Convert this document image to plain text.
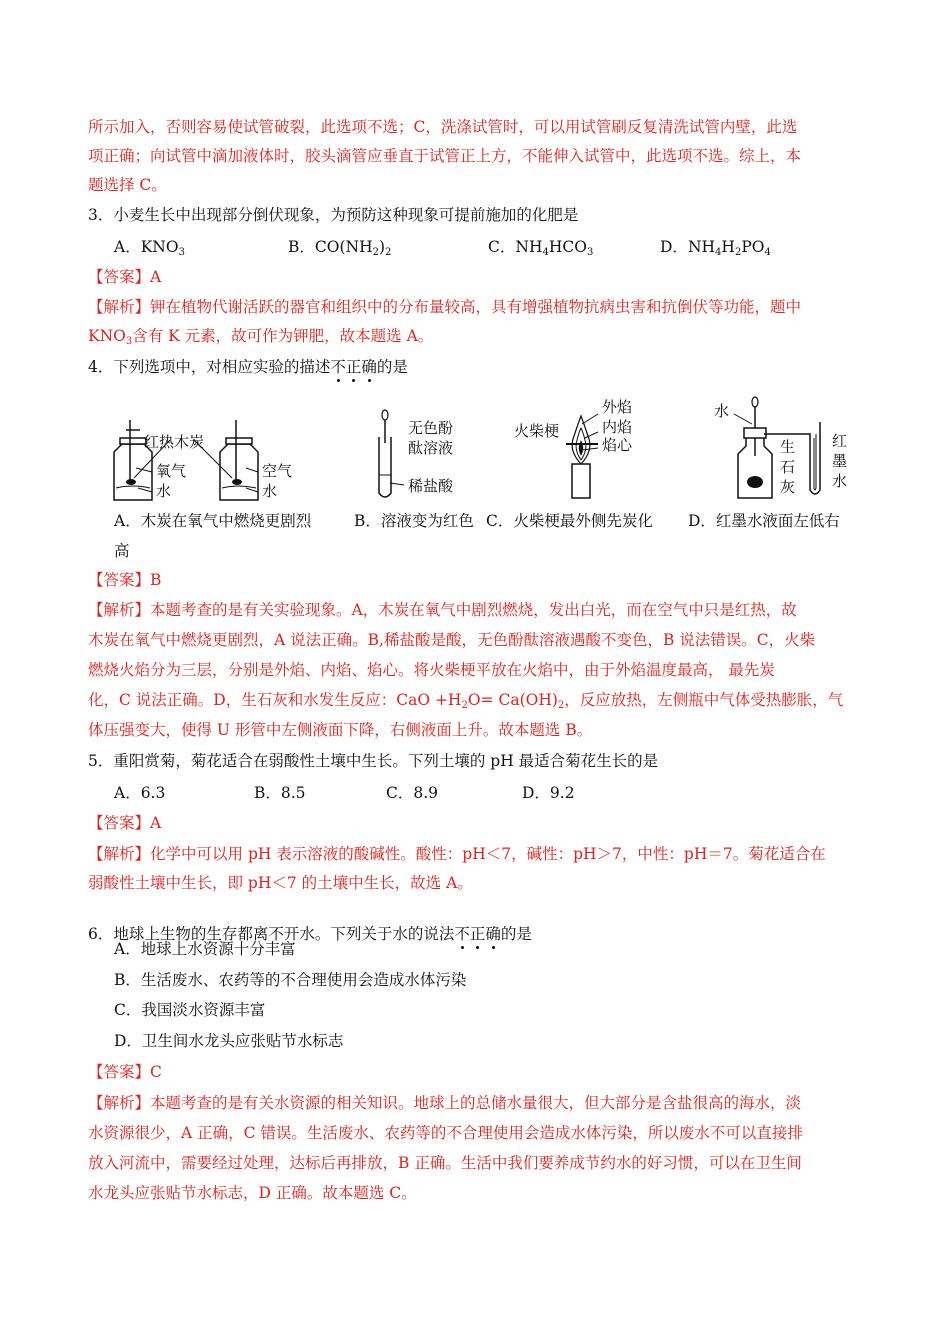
所示加入，否则容易使试管破裂，此选项不选；C，洗涤试管时，可以用试管刷反复清洗试管内壁，此选
项正确；向试管中滴加液体时，胶头滴管应垂直于试管正上方，不能伸入试管中，此选项不选。综上，本
题选择 C。
3．小麦生长中出现部分倒伏现象，为预防这种现象可提前施加的化肥是
A．$KNO_3$	B．$CO(NH_2)_2$	C．$NH_4HCO_3$	D．$NH_4H_2PO_4$
【答案】A
【解析】钾在植物代谢活跃的器官和组织中的分布量较高，具有增强植物抗病虫害和抗倒伏等功能，题中
$KNO_3$含有 K 元素，故可作为钾肥，故本题选 A。
4．下列选项中，对相应实验的描述不正确的是
红热木炭
氧气
水
空气
水
无色酚
酞溶液
稀盐酸
外焰
火柴梗	内焰
焰心
水
生
石
灰
红
墨
水
A．木炭在氧气中燃烧更剧烈	B．溶液变为红色 C．火柴梗最外侧先炭化 D．红墨水液面左低右
高
【答案】B
【解析】本题考查的是有关实验现象。A，木炭在氧气中剧烈燃烧，发出白光，而在空气中只是红热，故
木炭在氧气中燃烧更剧烈，A 说法正确。B,稀盐酸是酸，无色酚酞溶液遇酸不变色，B 说法错误。C，火柴
燃烧火焰分为三层，分别是外焰、内焰、焰心。将火柴梗平放在火焰中，由于外焰温度最高， 最先炭
化，C 说法正确。D，生石灰和水发生反应：CaO $+H_2O= Ca(OH)_2$，反应放热，左侧瓶中气体受热膨胀，气
体压强变大，使得 U 形管中左侧液面下降，右侧液面上升。故本题选 B。
5．重阳赏菊，菊花适合在弱酸性土壤中生长。下列土壤的 pH 最适合菊花生长的是
A．6.3	B．8.5	C．8.9	D．9.2
【答案】A
【解析】化学中可以用 pH 表示溶液的酸碱性。酸性：pH＜7，碱性：pH＞7，中性：pH＝7。菊花适合在
弱酸性土壤中生长，即 pH＜7 的土壤中生长，故选 A。
6．地球上生物的生存都离不开水。下列关于水的说法不正确的是
A．地球上水资源十分丰富
B．生活废水、农药等的不合理使用会造成水体污染
C．我国淡水资源丰富
D．卫生间水龙头应张贴节水标志
【答案】C
【解析】本题考查的是有关水资源的相关知识。地球上的总储水量很大，但大部分是含盐很高的海水，淡
水资源很少，A 正确，C 错误。生活废水、农药等的不合理使用会造成水体污染，所以废水不可以直接排
放入河流中，需要经过处理，达标后再排放，B 正确。生活中我们要养成节约水的好习惯，可以在卫生间
水龙头应张贴节水标志，D 正确。故本题选 C。
